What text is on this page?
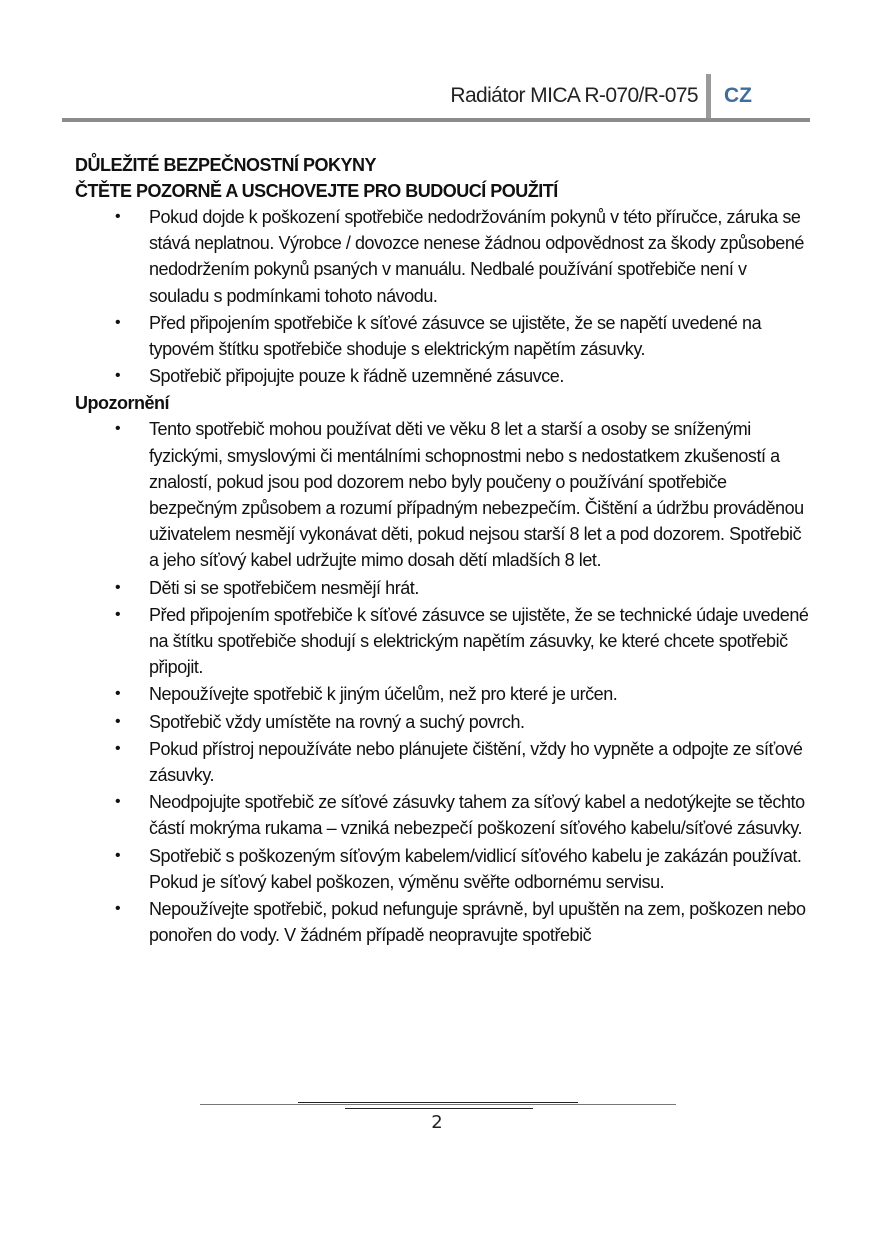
Radiátor MICA R-070/R-075 CZ

DŮLEŽITÉ BEZPEČNOSTNÍ POKYNY

ČTĚTE POZORNĚ A USCHOVEJTE PRO BUDOUCÍ POUŽITÍ

• Pokud dojde k poškození spotřebiče nedodržováním pokynů v této příručce, záruka se stává neplatnou. Výrobce / dovozce nenese žádnou odpovědnost za škody způsobené nedodržením pokynů psaných v manuálu. Nedbalé používání spotřebiče není v souladu s podmínkami tohoto návodu.
• Před připojením spotřebiče k síťové zásuvce se ujistěte, že se napětí uvedené na typovém štítku spotřebiče shoduje s elektrickým napětím zásuvky.
• Spotřebič připojujte pouze k řádně uzemněné zásuvce.

Upozornění

• Tento spotřebič mohou používat děti ve věku 8 let a starší a osoby se sníženými fyzickými, smyslovými či mentálními schopnostmi nebo s nedostatkem zkušeností a znalostí, pokud jsou pod dozorem nebo byly poučeny o používání spotřebiče bezpečným způsobem a rozumí případným nebezpečím. Čištění a údržbu prováděnou uživatelem nesmějí vykonávat děti, pokud nejsou starší 8 let a pod dozorem. Spotřebič a jeho síťový kabel udržujte mimo dosah dětí mladších 8 let.
• Děti si se spotřebičem nesmějí hrát.
• Před připojením spotřebiče k síťové zásuvce se ujistěte, že se technické údaje uvedené na štítku spotřebiče shodují s elektrickým napětím zásuvky, ke které chcete spotřebič připojit.
• Nepoužívejte spotřebič k jiným účelům, než pro které je určen.
• Spotřebič vždy umístěte na rovný a suchý povrch.
• Pokud přístroj nepoužíváte nebo plánujete čištění, vždy ho vypněte a odpojte ze síťové zásuvky.
• Neodpojujte spotřebič ze síťové zásuvky tahem za síťový kabel a nedotýkejte se těchto částí mokrýma rukama – vzniká nebezpečí poškození síťového kabelu/síťové zásuvky.
• Spotřebič s poškozeným síťovým kabelem/vidlicí síťového kabelu je zakázán používat. Pokud je síťový kabel poškozen, výměnu svěřte odbornému servisu.
• Nepoužívejte spotřebič, pokud nefunguje správně, byl upuštěn na zem, poškozen nebo ponořen do vody. V žádném případě neopravujte spotřebič
2
